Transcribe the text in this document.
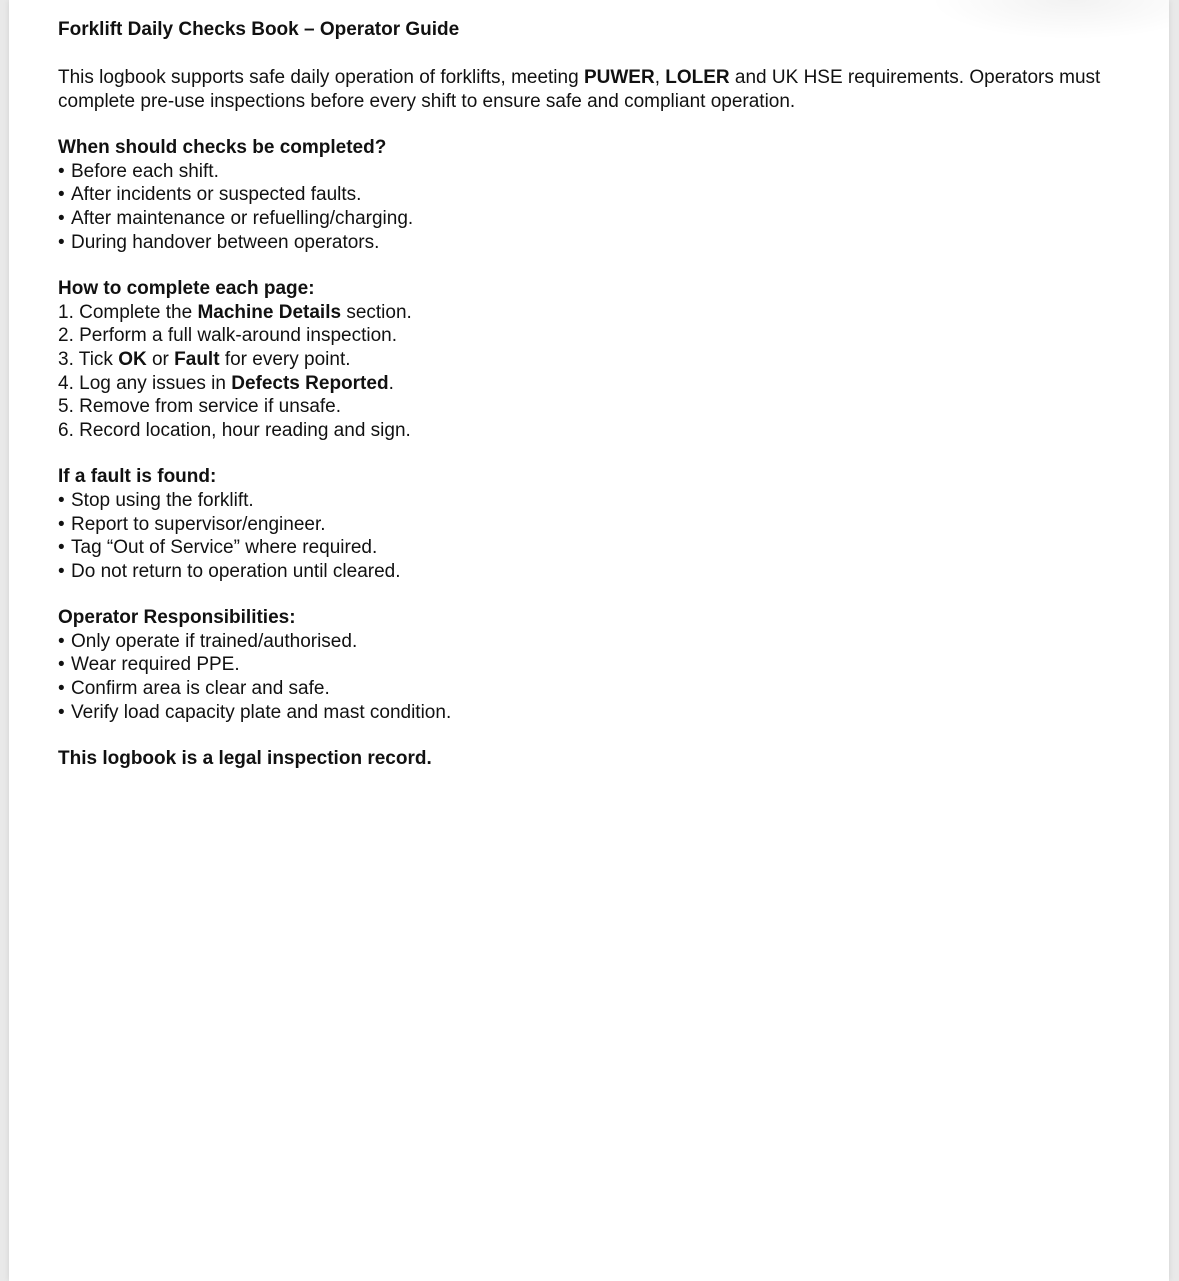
Forklift Daily Checks Book – Operator Guide

This logbook supports safe daily operation of forklifts, meeting PUWER, LOLER and UK HSE requirements. Operators must complete pre-use inspections before every shift to ensure safe and compliant operation.

When should checks be completed?

• Before each shift.
• After incidents or suspected faults.
• After maintenance or refuelling/charging.
• During handover between operators.

How to complete each page:

1. Complete the Machine Details section.
2. Perform a full walk-around inspection.
3. Tick OK or Fault for every point.
4. Log any issues in Defects Reported.
5. Remove from service if unsafe.
6. Record location, hour reading and sign.

If a fault is found:

• Stop using the forklift.
• Report to supervisor/engineer.
• Tag “Out of Service” where required.
• Do not return to operation until cleared.

Operator Responsibilities:

• Only operate if trained/authorised.
• Wear required PPE.
• Confirm area is clear and safe.
• Verify load capacity plate and mast condition.

This logbook is a legal inspection record.
